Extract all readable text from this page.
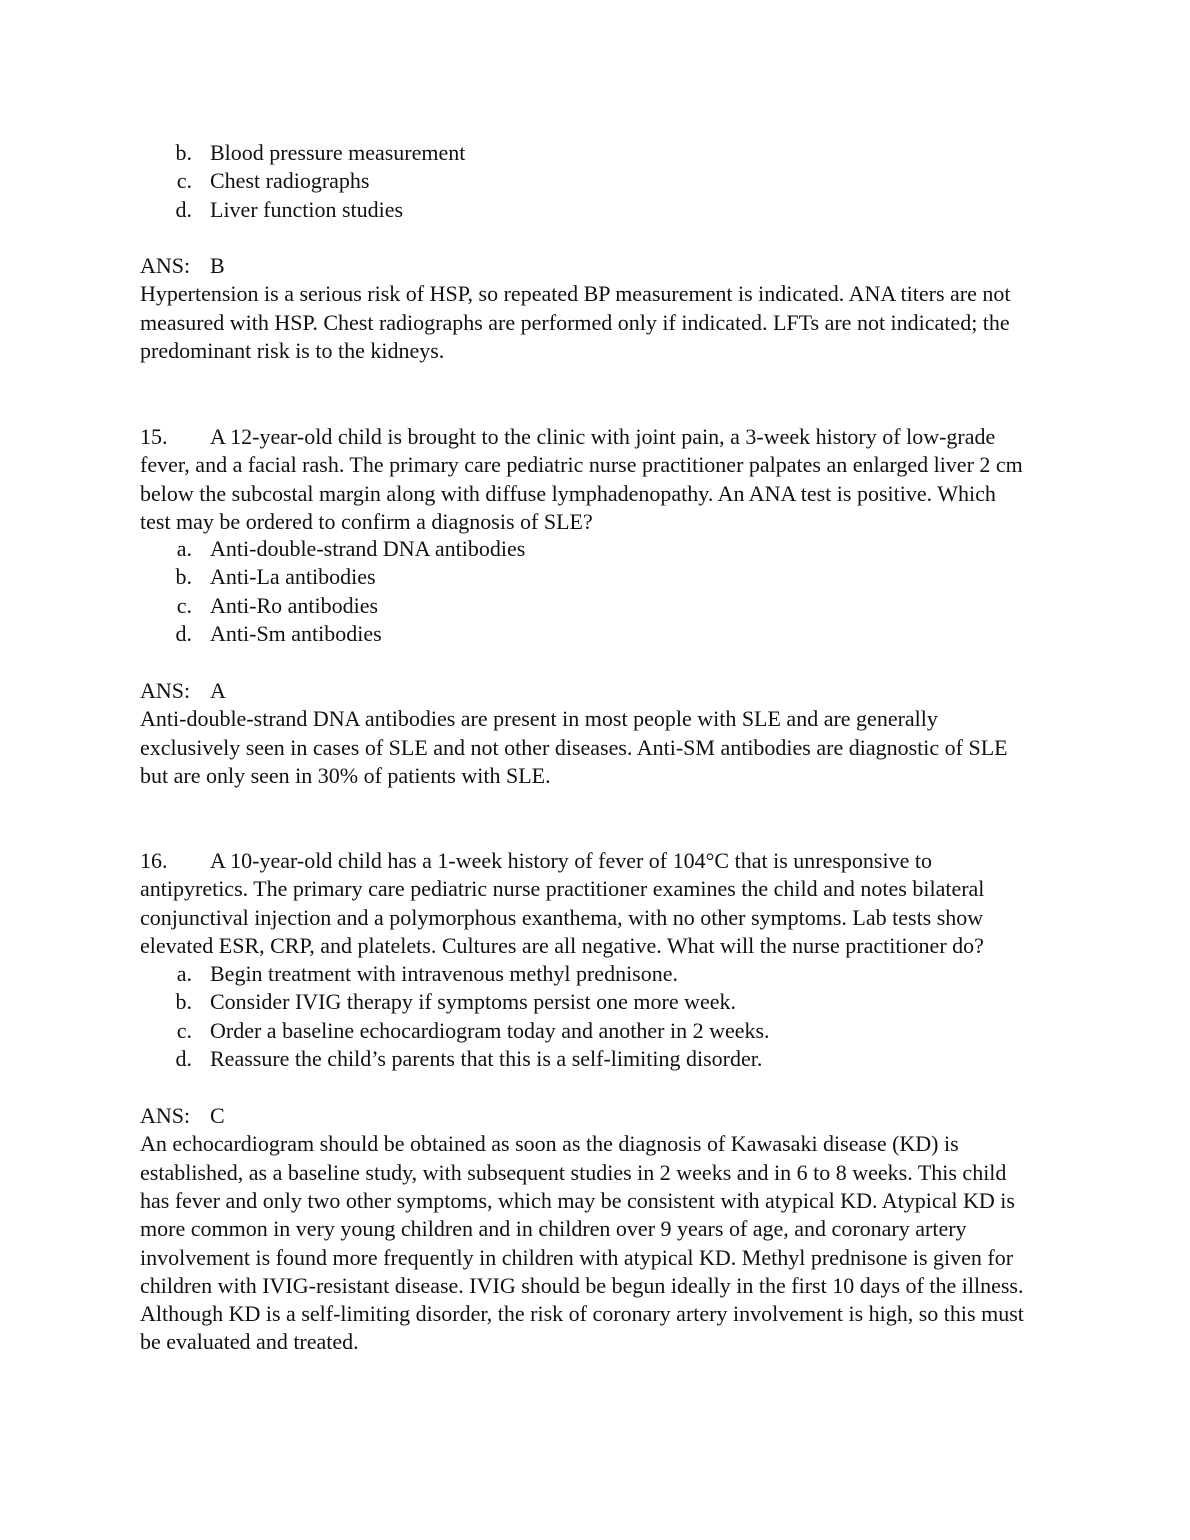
b. Blood pressure measurement
c. Chest radiographs
d. Liver function studies
ANS: B
Hypertension is a serious risk of HSP, so repeated BP measurement is indicated. ANA titers are not
measured with HSP. Chest radiographs are performed only if indicated. LFTs are not indicated; the
predominant risk is to the kidneys.
15. A 12-year-old child is brought to the clinic with joint pain, a 3-week history of low-grade
fever, and a facial rash. The primary care pediatric nurse practitioner palpates an enlarged liver 2 cm
below the subcostal margin along with diffuse lymphadenopathy. An ANA test is positive. Which
test may be ordered to confirm a diagnosis of SLE?
a. Anti-double-strand DNA antibodies
b. Anti-La antibodies
c. Anti-Ro antibodies
d. Anti-Sm antibodies
ANS: A
Anti-double-strand DNA antibodies are present in most people with SLE and are generally
exclusively seen in cases of SLE and not other diseases. Anti-SM antibodies are diagnostic of SLE
but are only seen in 30% of patients with SLE.
16. A 10-year-old child has a 1-week history of fever of 104°C that is unresponsive to
antipyretics. The primary care pediatric nurse practitioner examines the child and notes bilateral
conjunctival injection and a polymorphous exanthema, with no other symptoms. Lab tests show
elevated ESR, CRP, and platelets. Cultures are all negative. What will the nurse practitioner do?
a. Begin treatment with intravenous methyl prednisone.
b. Consider IVIG therapy if symptoms persist one more week.
c. Order a baseline echocardiogram today and another in 2 weeks.
d. Reassure the child’s parents that this is a self-limiting disorder.
ANS: C
An echocardiogram should be obtained as soon as the diagnosis of Kawasaki disease (KD) is
established, as a baseline study, with subsequent studies in 2 weeks and in 6 to 8 weeks. This child
has fever and only two other symptoms, which may be consistent with atypical KD. Atypical KD is
more common in very young children and in children over 9 years of age, and coronary artery
involvement is found more frequently in children with atypical KD. Methyl prednisone is given for
children with IVIG-resistant disease. IVIG should be begun ideally in the first 10 days of the illness.
Although KD is a self-limiting disorder, the risk of coronary artery involvement is high, so this must
be evaluated and treated.
